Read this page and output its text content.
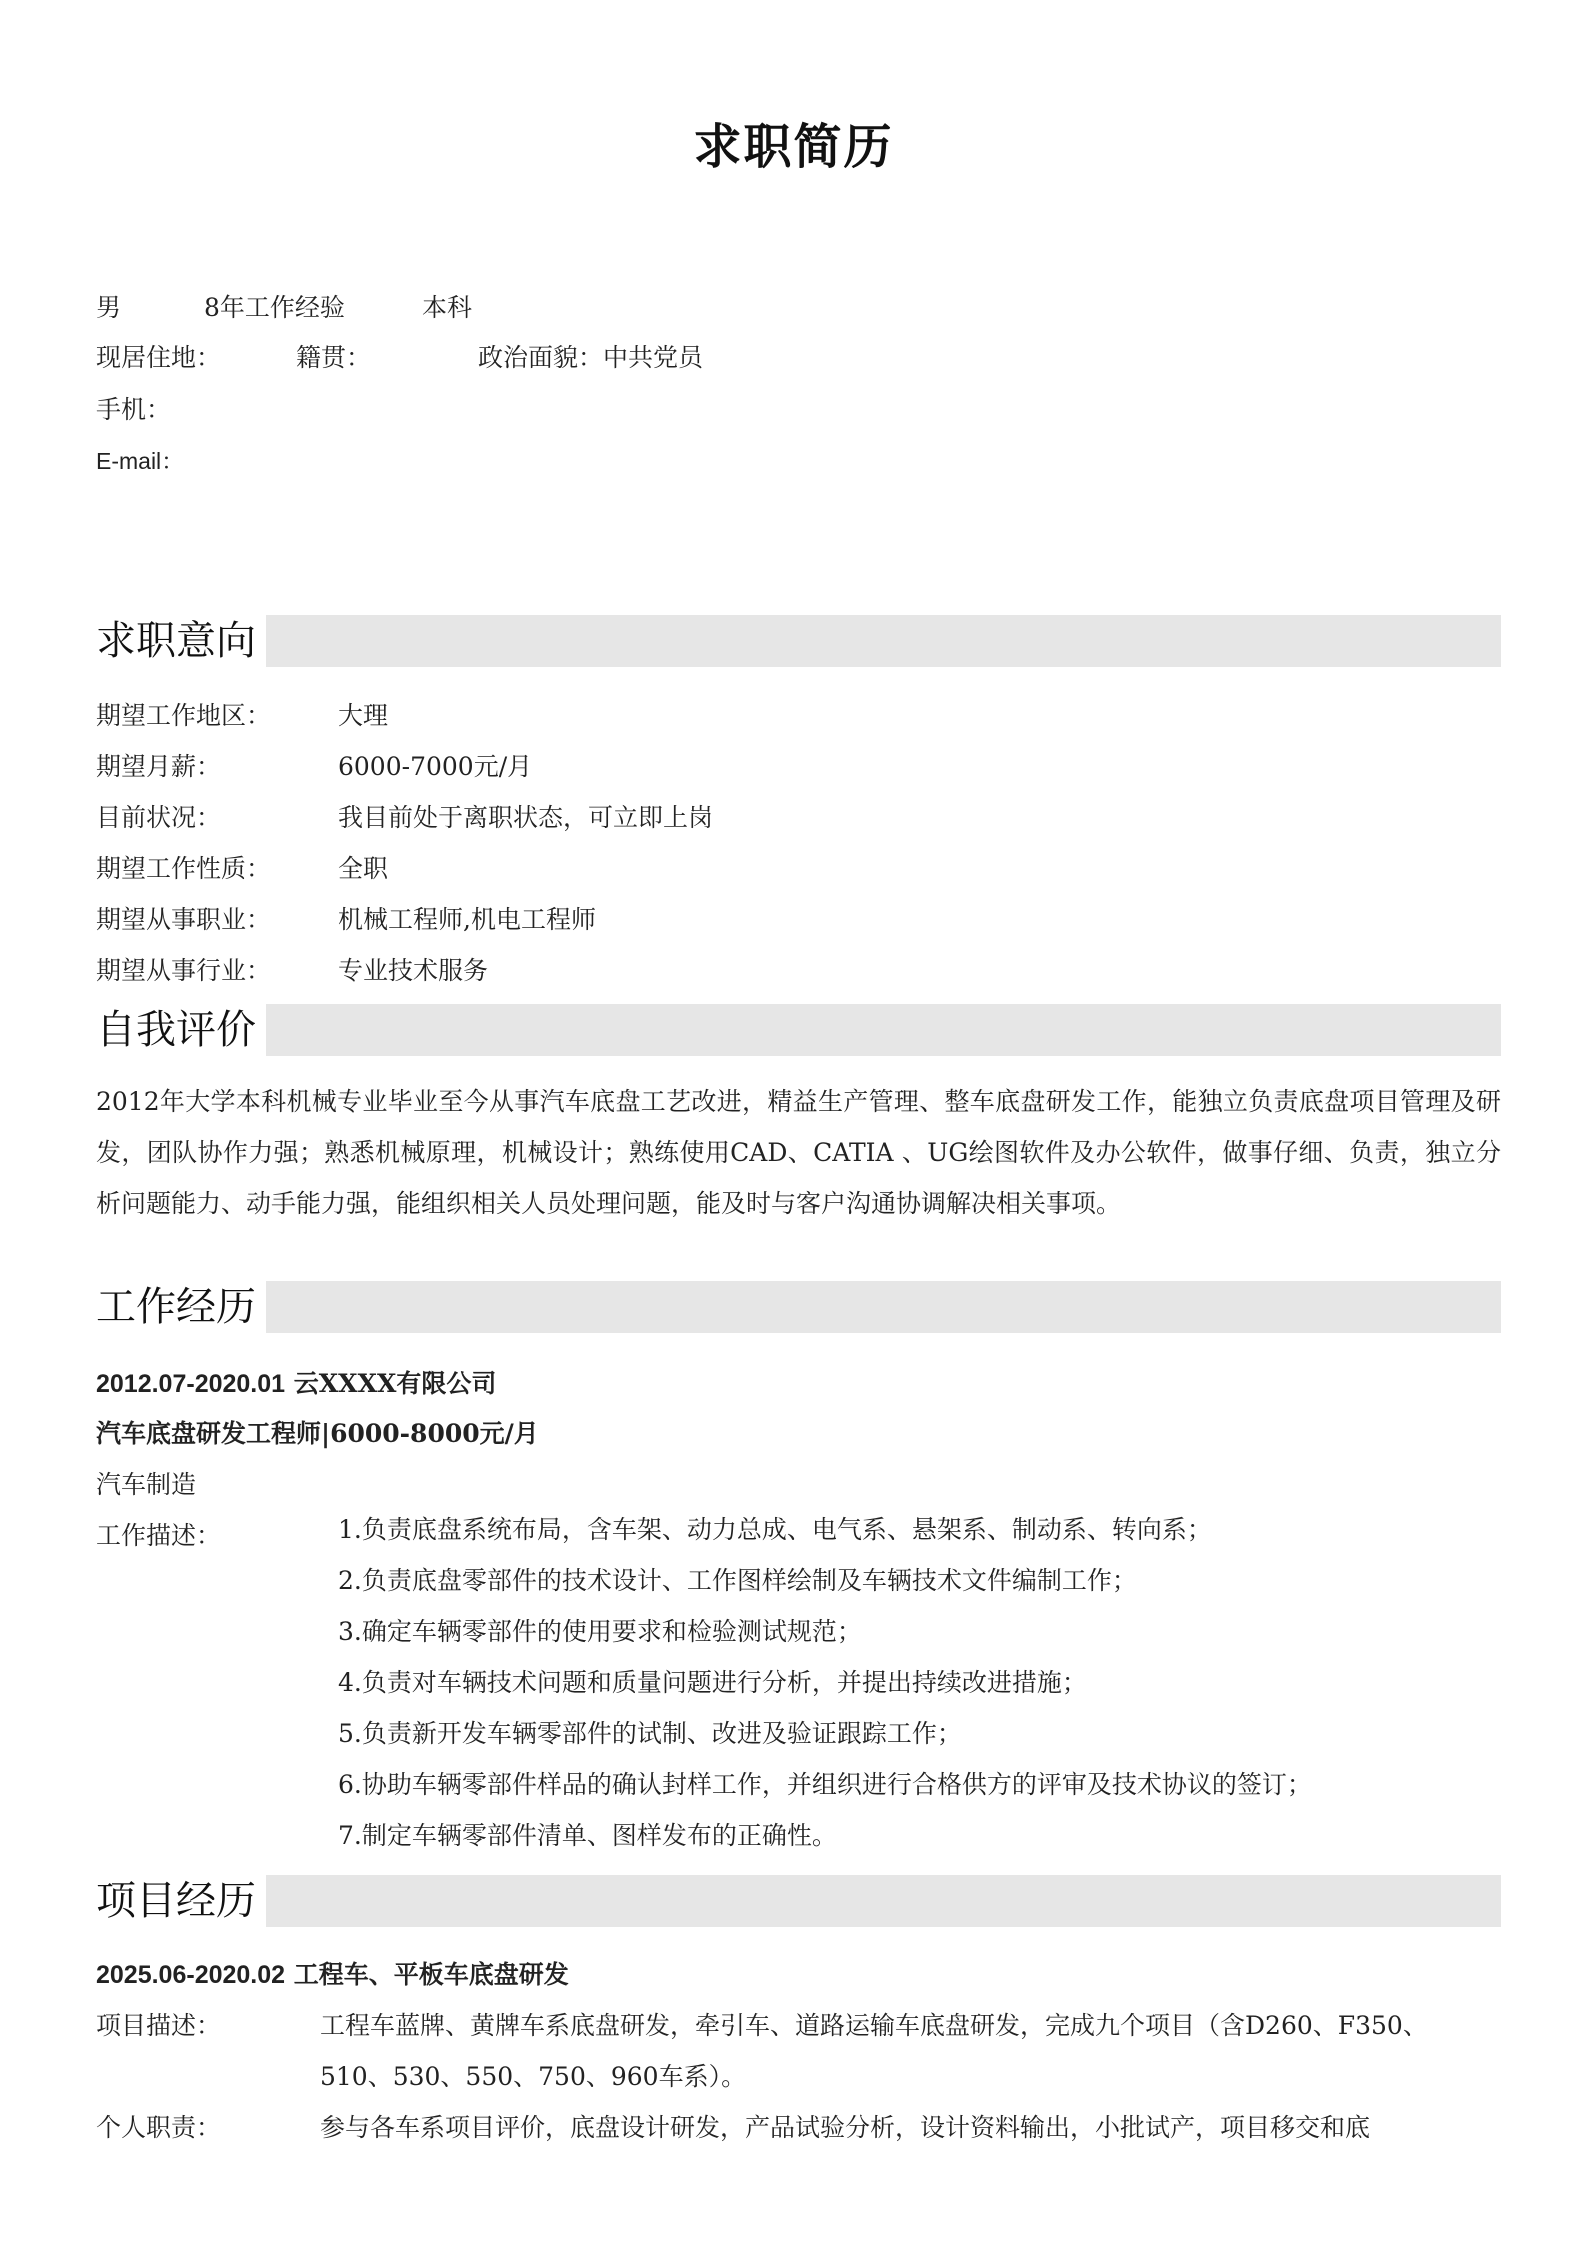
求职简历
男	8年工作经验	本科
现居住地：	籍贯：	政治面貌：中共党员
手机：
E-mail：
求职意向
期望工作地区：	大理
期望月薪：	6000-7000元/月
目前状况：	我目前处于离职状态，可立即上岗
期望工作性质：	全职
期望从事职业：	机械工程师,机电工程师
期望从事行业：	专业技术服务
自我评价
2012年大学本科机械专业毕业至今从事汽车底盘工艺改进，精益生产管理、整车底盘研发工作，能独立负责底盘项目管理及研发，团队协作力强；熟悉机械原理，机械设计；熟练使用CAD、CATIA 、UG绘图软件及办公软件，做事仔细、负责，独立分析问题能力、动手能力强，能组织相关人员处理问题，能及时与客户沟通协调解决相关事项。
工作经历
2012.07-2020.01 云XXXX有限公司
汽车底盘研发工程师|6000-8000元/月
汽车制造
工作描述：	1.负责底盘系统布局，含车架、动力总成、电气系、悬架系、制动系、转向系；
2.负责底盘零部件的技术设计、工作图样绘制及车辆技术文件编制工作；
3.确定车辆零部件的使用要求和检验测试规范；
4.负责对车辆技术问题和质量问题进行分析，并提出持续改进措施；
5.负责新开发车辆零部件的试制、改进及验证跟踪工作；
6.协助车辆零部件样品的确认封样工作，并组织进行合格供方的评审及技术协议的签订；
7.制定车辆零部件清单、图样发布的正确性。
项目经历
2025.06-2020.02 工程车、平板车底盘研发
项目描述：	工程车蓝牌、黄牌车系底盘研发，牵引车、道路运输车底盘研发，完成九个项目（含D260、F350、
510、530、550、750、960车系）。
个人职责：	参与各车系项目评价，底盘设计研发，产品试验分析，设计资料输出，小批试产，项目移交和底
